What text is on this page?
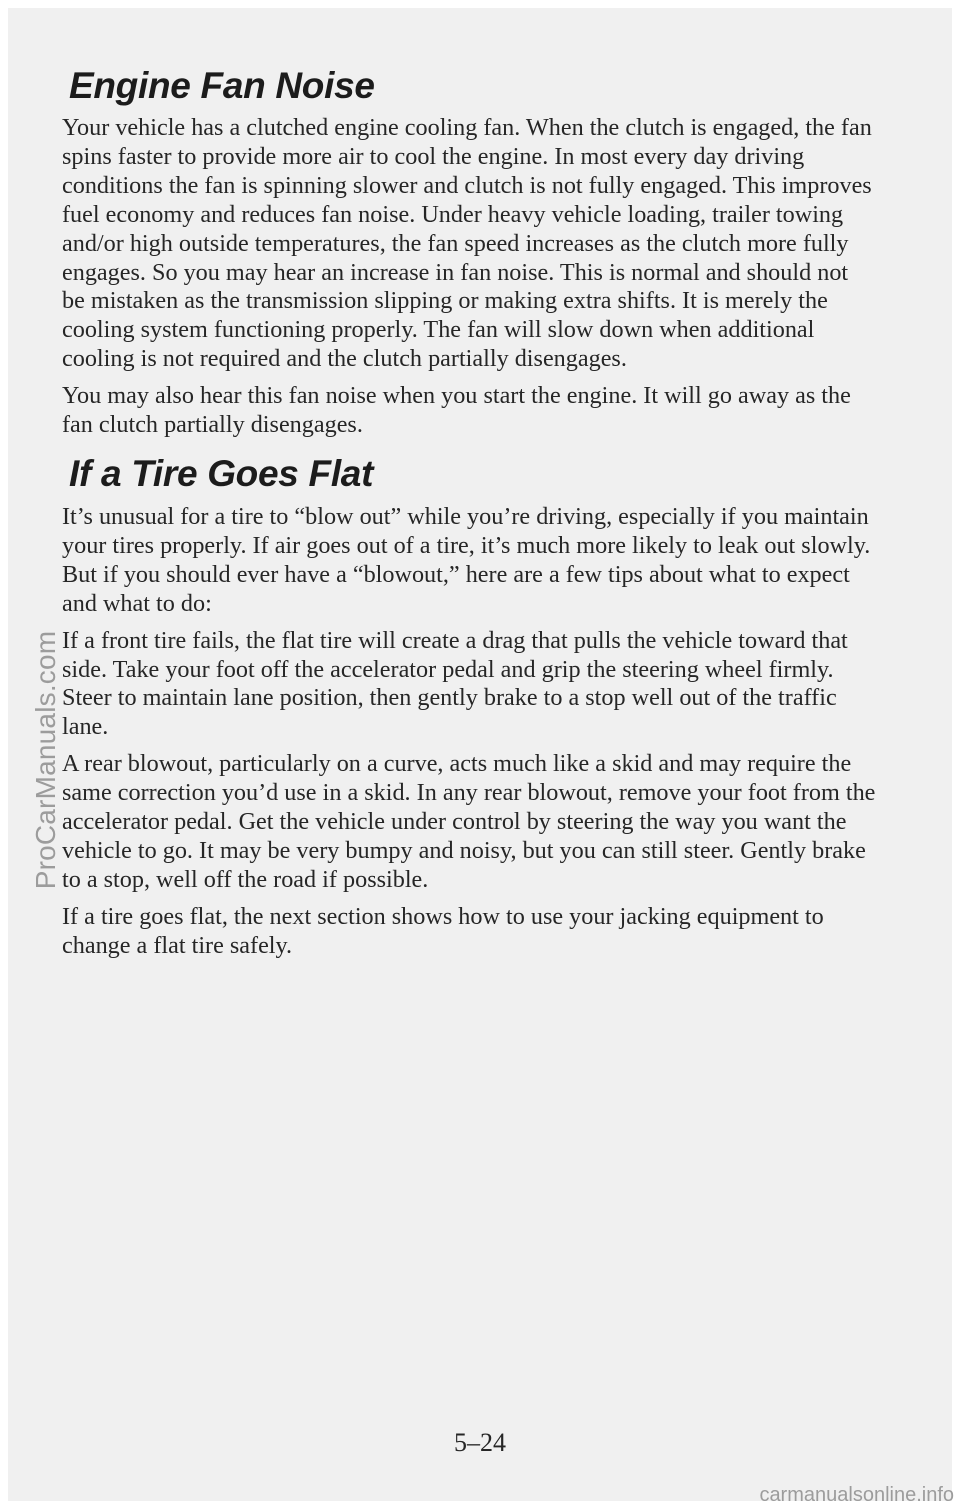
Engine Fan Noise

Your vehicle has a clutched engine cooling fan. When the clutch is engaged, the fan spins faster to provide more air to cool the engine. In most every day driving conditions the fan is spinning slower and clutch is not fully engaged. This improves fuel economy and reduces fan noise. Under heavy vehicle loading, trailer towing and/or high outside temperatures, the fan speed increases as the clutch more fully engages. So you may hear an increase in fan noise. This is normal and should not be mistaken as the transmission slipping or making extra shifts. It is merely the cooling system functioning properly. The fan will slow down when additional cooling is not required and the clutch partially disengages.

You may also hear this fan noise when you start the engine. It will go away as the fan clutch partially disengages.

If a Tire Goes Flat

It’s unusual for a tire to “blow out” while you’re driving, especially if you maintain your tires properly. If air goes out of a tire, it’s much more likely to leak out slowly. But if you should ever have a “blowout,” here are a few tips about what to expect and what to do:

If a front tire fails, the flat tire will create a drag that pulls the vehicle toward that side. Take your foot off the accelerator pedal and grip the steering wheel firmly. Steer to maintain lane position, then gently brake to a stop well out of the traffic lane.

A rear blowout, particularly on a curve, acts much like a skid and may require the same correction you’d use in a skid. In any rear blowout, remove your foot from the accelerator pedal. Get the vehicle under control by steering the way you want the vehicle to go. It may be very bumpy and noisy, but you can still steer. Gently brake to a stop, well off the road if possible.

If a tire goes flat, the next section shows how to use your jacking equipment to change a flat tire safely.

5–24
ProCarManuals.com
carmanualsonline.info
